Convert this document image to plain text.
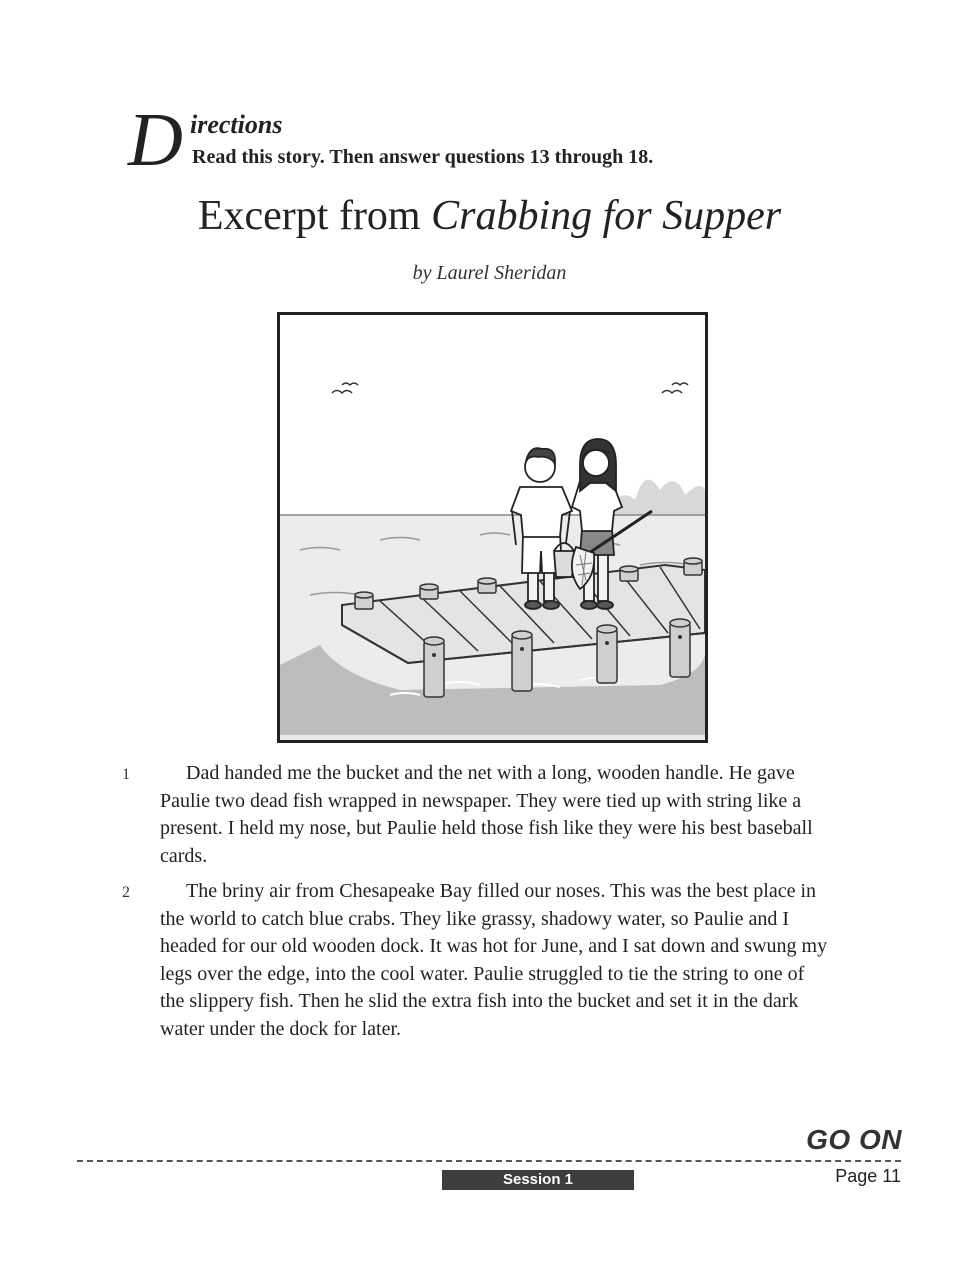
D irections
Read this story. Then answer questions 13 through 18.
Excerpt from Crabbing for Supper
by Laurel Sheridan
1	Dad handed me the bucket and the net with a long, wooden handle. He gave Paulie two dead fish wrapped in newspaper. They were tied up with string like a present. I held my nose, but Paulie held those fish like they were his best baseball cards.
2	The briny air from Chesapeake Bay filled our noses. This was the best place in the world to catch blue crabs. They like grassy, shadowy water, so Paulie and I headed for our old wooden dock. It was hot for June, and I sat down and swung my legs over the edge, into the cool water. Paulie struggled to tie the string to one of the slippery fish. Then he slid the extra fish into the bucket and set it in the dark water under the dock for later.
GO ON
Session 1	Page 11
